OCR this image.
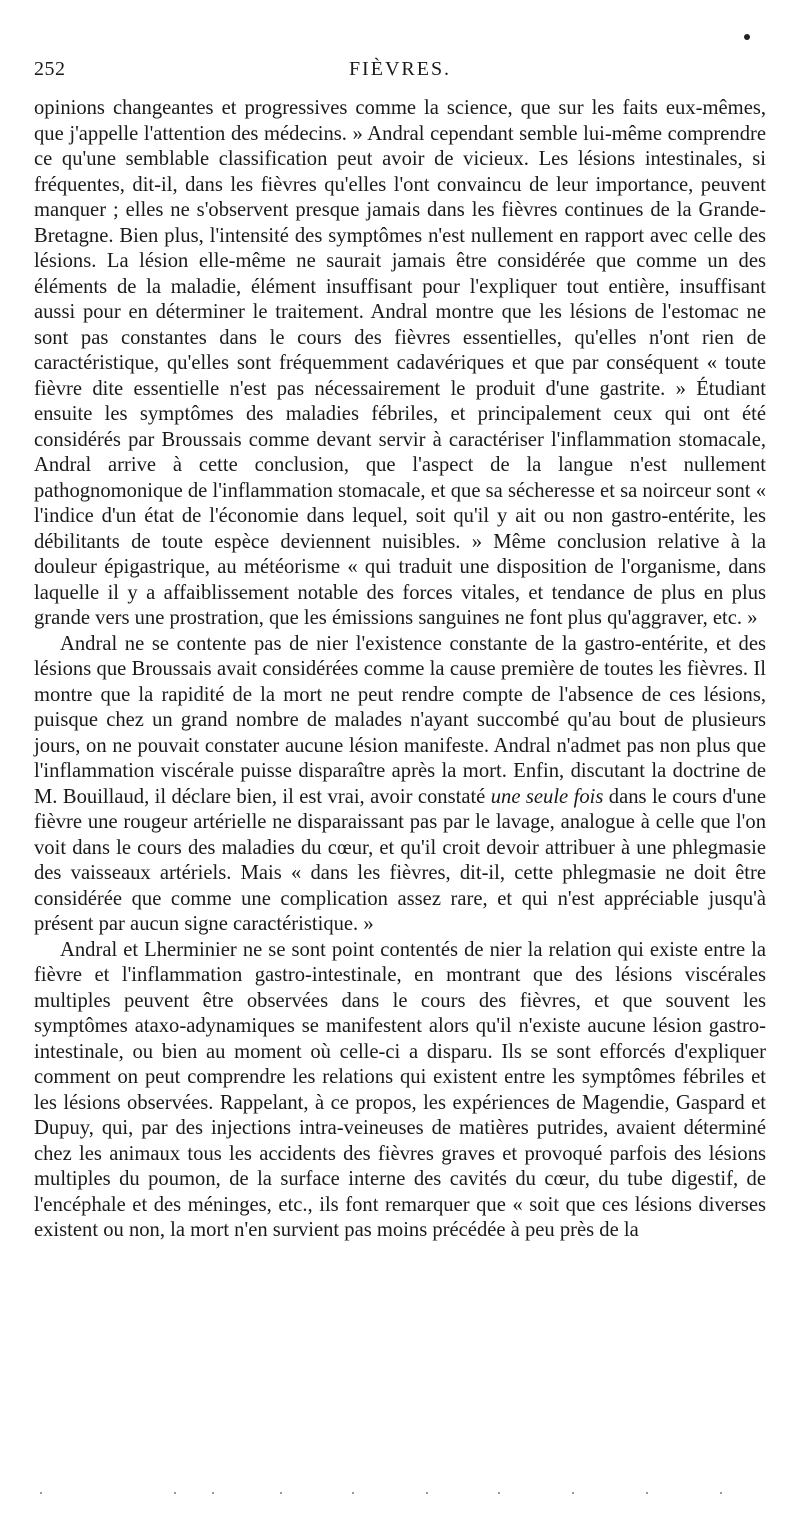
252	FIÈVRES.

opinions changeantes et progressives comme la science, que sur les faits eux-mêmes, que j'appelle l'attention des médecins. » Andral cependant semble lui-même comprendre ce qu'une semblable classification peut avoir de vicieux. Les lésions intestinales, si fréquentes, dit-il, dans les fièvres qu'elles l'ont convaincu de leur importance, peuvent manquer ; elles ne s'observent presque jamais dans les fièvres continues de la Grande-Bretagne. Bien plus, l'intensité des symptômes n'est nullement en rapport avec celle des lésions. La lésion elle-même ne saurait jamais être considérée que comme un des éléments de la maladie, élément insuffisant pour l'expliquer tout entière, insuffisant aussi pour en déterminer le traitement. Andral montre que les lésions de l'estomac ne sont pas constantes dans le cours des fièvres essentielles, qu'elles n'ont rien de caractéristique, qu'elles sont fréquemment cadavériques et que par conséquent « toute fièvre dite essentielle n'est pas nécessairement le produit d'une gastrite. » Étudiant ensuite les symptômes des maladies fébriles, et principalement ceux qui ont été considérés par Broussais comme devant servir à caractériser l'inflammation stomacale, Andral arrive à cette conclusion, que l'aspect de la langue n'est nullement pathognomonique de l'inflammation stomacale, et que sa sécheresse et sa noirceur sont « l'indice d'un état de l'économie dans lequel, soit qu'il y ait ou non gastro-entérite, les débilitants de toute espèce deviennent nuisibles. » Même conclusion relative à la douleur épigastrique, au météorisme « qui traduit une disposition de l'organisme, dans laquelle il y a affaiblissement notable des forces vitales, et tendance de plus en plus grande vers une prostration, que les émissions sanguines ne font plus qu'aggraver, etc. »

Andral ne se contente pas de nier l'existence constante de la gastro-entérite, et des lésions que Broussais avait considérées comme la cause première de toutes les fièvres. Il montre que la rapidité de la mort ne peut rendre compte de l'absence de ces lésions, puisque chez un grand nombre de malades n'ayant succombé qu'au bout de plusieurs jours, on ne pouvait constater aucune lésion manifeste. Andral n'admet pas non plus que l'inflammation viscérale puisse disparaître après la mort. Enfin, discutant la doctrine de M. Bouillaud, il déclare bien, il est vrai, avoir constaté une seule fois dans le cours d'une fièvre une rougeur artérielle ne disparaissant pas par le lavage, analogue à celle que l'on voit dans le cours des maladies du cœur, et qu'il croit devoir attribuer à une phlegmasie des vaisseaux artériels. Mais « dans les fièvres, dit-il, cette phlegmasie ne doit être considérée que comme une complication assez rare, et qui n'est appréciable jusqu'à présent par aucun signe caractéristique. »

Andral et Lherminier ne se sont point contentés de nier la relation qui existe entre la fièvre et l'inflammation gastro-intestinale, en montrant que des lésions viscérales multiples peuvent être observées dans le cours des fièvres, et que souvent les symptômes ataxo-adynamiques se manifestent alors qu'il n'existe aucune lésion gastro-intestinale, ou bien au moment où celle-ci a disparu. Ils se sont efforcés d'expliquer comment on peut comprendre les relations qui existent entre les symptômes fébriles et les lésions observées. Rappelant, à ce propos, les expériences de Magendie, Gaspard et Dupuy, qui, par des injections intra-veineuses de matières putrides, avaient déterminé chez les animaux tous les accidents des fièvres graves et provoqué parfois des lésions multiples du poumon, de la surface interne des cavités du cœur, du tube digestif, de l'encéphale et des méninges, etc., ils font remarquer que « soit que ces lésions diverses existent ou non, la mort n'en survient pas moins précédée à peu près de la
